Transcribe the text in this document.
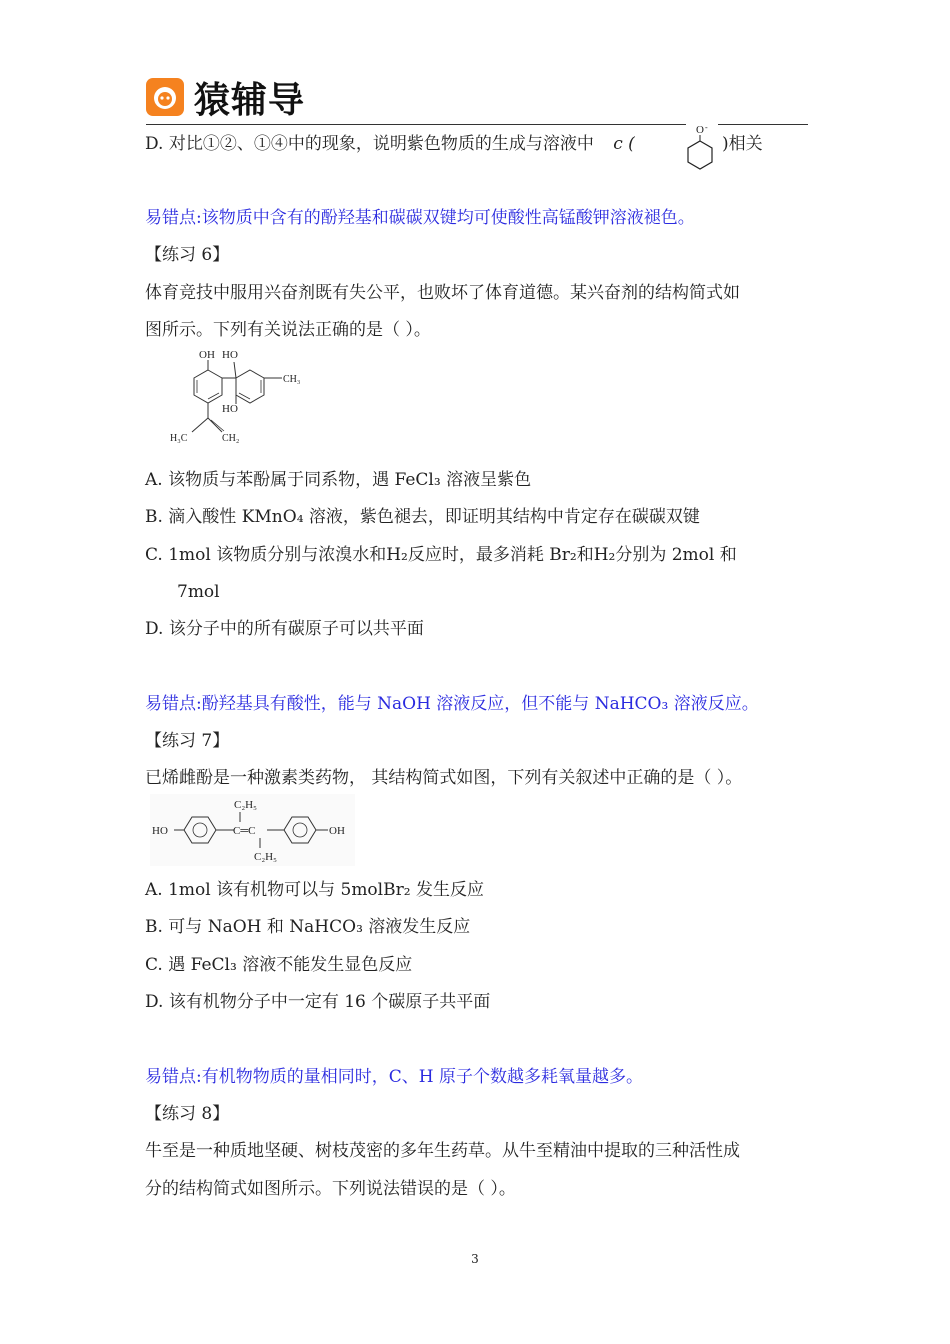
猿辅导
D. 对比①②、①④中的现象，说明紫色物质的生成与溶液中 c (
O -
)相关
易错点:该物质中含有的酚羟基和碳碳双键均可使酸性高锰酸钾溶液褪色。
【练习 6】
体育竞技中服用兴奋剂既有失公平，也败坏了体育道德。某兴奋剂的结构简式如
图所示。下列有关说法正确的是（ ）。
OH HO
CH₃
HO
H₃C	CH₂
A. 该物质与苯酚属于同系物，遇 FeCl₃ 溶液呈紫色
B. 滴入酸性 KMnO₄ 溶液，紫色褪去，即证明其结构中肯定存在碳碳双键
C. 1mol 该物质分别与浓溴水和H₂反应时，最多消耗 Br₂和H₂分别为 2mol 和
7mol
D. 该分子中的所有碳原子可以共平面
易错点:酚羟基具有酸性，能与 NaOH 溶液反应，但不能与 NaHCO₃ 溶液反应。
【练习 7】
已烯雌酚是一种激素类药物， 其结构简式如图，下列有关叙述中正确的是（ ）。
HO	C═C
C₂H₅
C₂H₅
OH
A. 1mol 该有机物可以与 5molBr₂ 发生反应
B. 可与 NaOH 和 NaHCO₃ 溶液发生反应
C. 遇 FeCl₃ 溶液不能发生显色反应
D. 该有机物分子中一定有 16 个碳原子共平面
易错点:有机物物质的量相同时，C、H 原子个数越多耗氧量越多。
【练习 8】
牛至是一种质地坚硬、树枝茂密的多年生药草。从牛至精油中提取的三种活性成
分的结构简式如图所示。下列说法错误的是（ ）。
3
